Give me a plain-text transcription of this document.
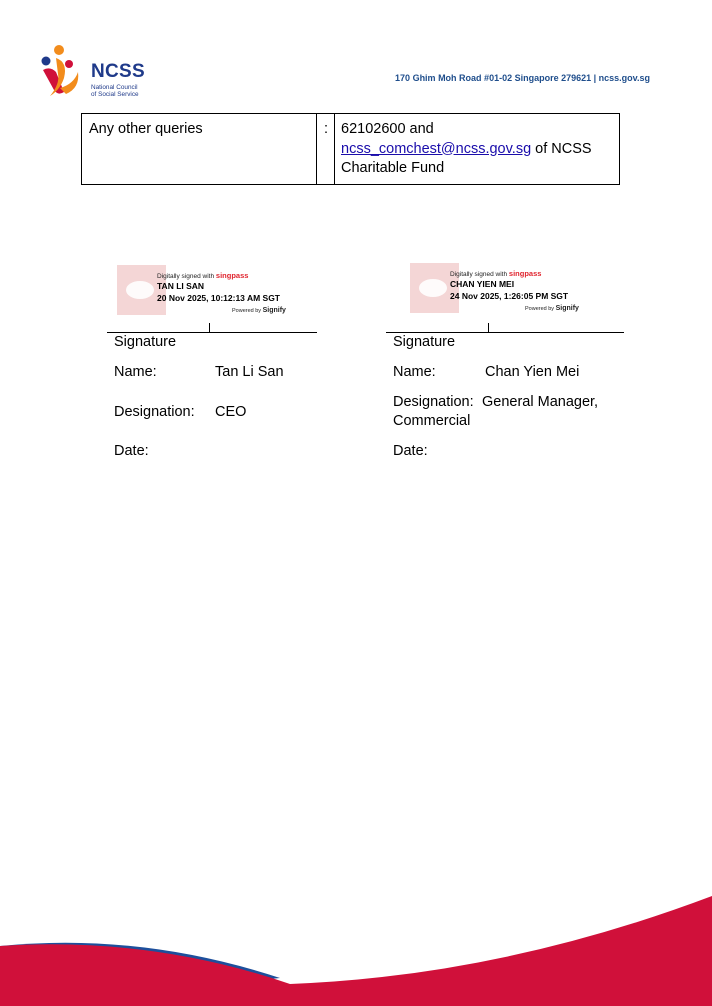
NCSS
National Council
of Social Service
170 Ghim Moh Road #01-02 Singapore 279621 | ncss.gov.sg
Any other queries	: 62102600 and
ncss_comchest@ncss.gov.sg of NCSS
Charitable Fund
Digitally signed with singpass
TAN LI SAN
20 Nov 2025, 10:12:13 AM SGT
Powered by Signify
Signature
Name:	Tan Li San
Designation: CEO
Date:
Digitally signed with singpass
CHAN YIEN MEI
24 Nov 2025, 1:26:05 PM SGT
Powered by Signify
Signature
Name:	Chan Yien Mei
Designation: General Manager,
Commercial
Date:
